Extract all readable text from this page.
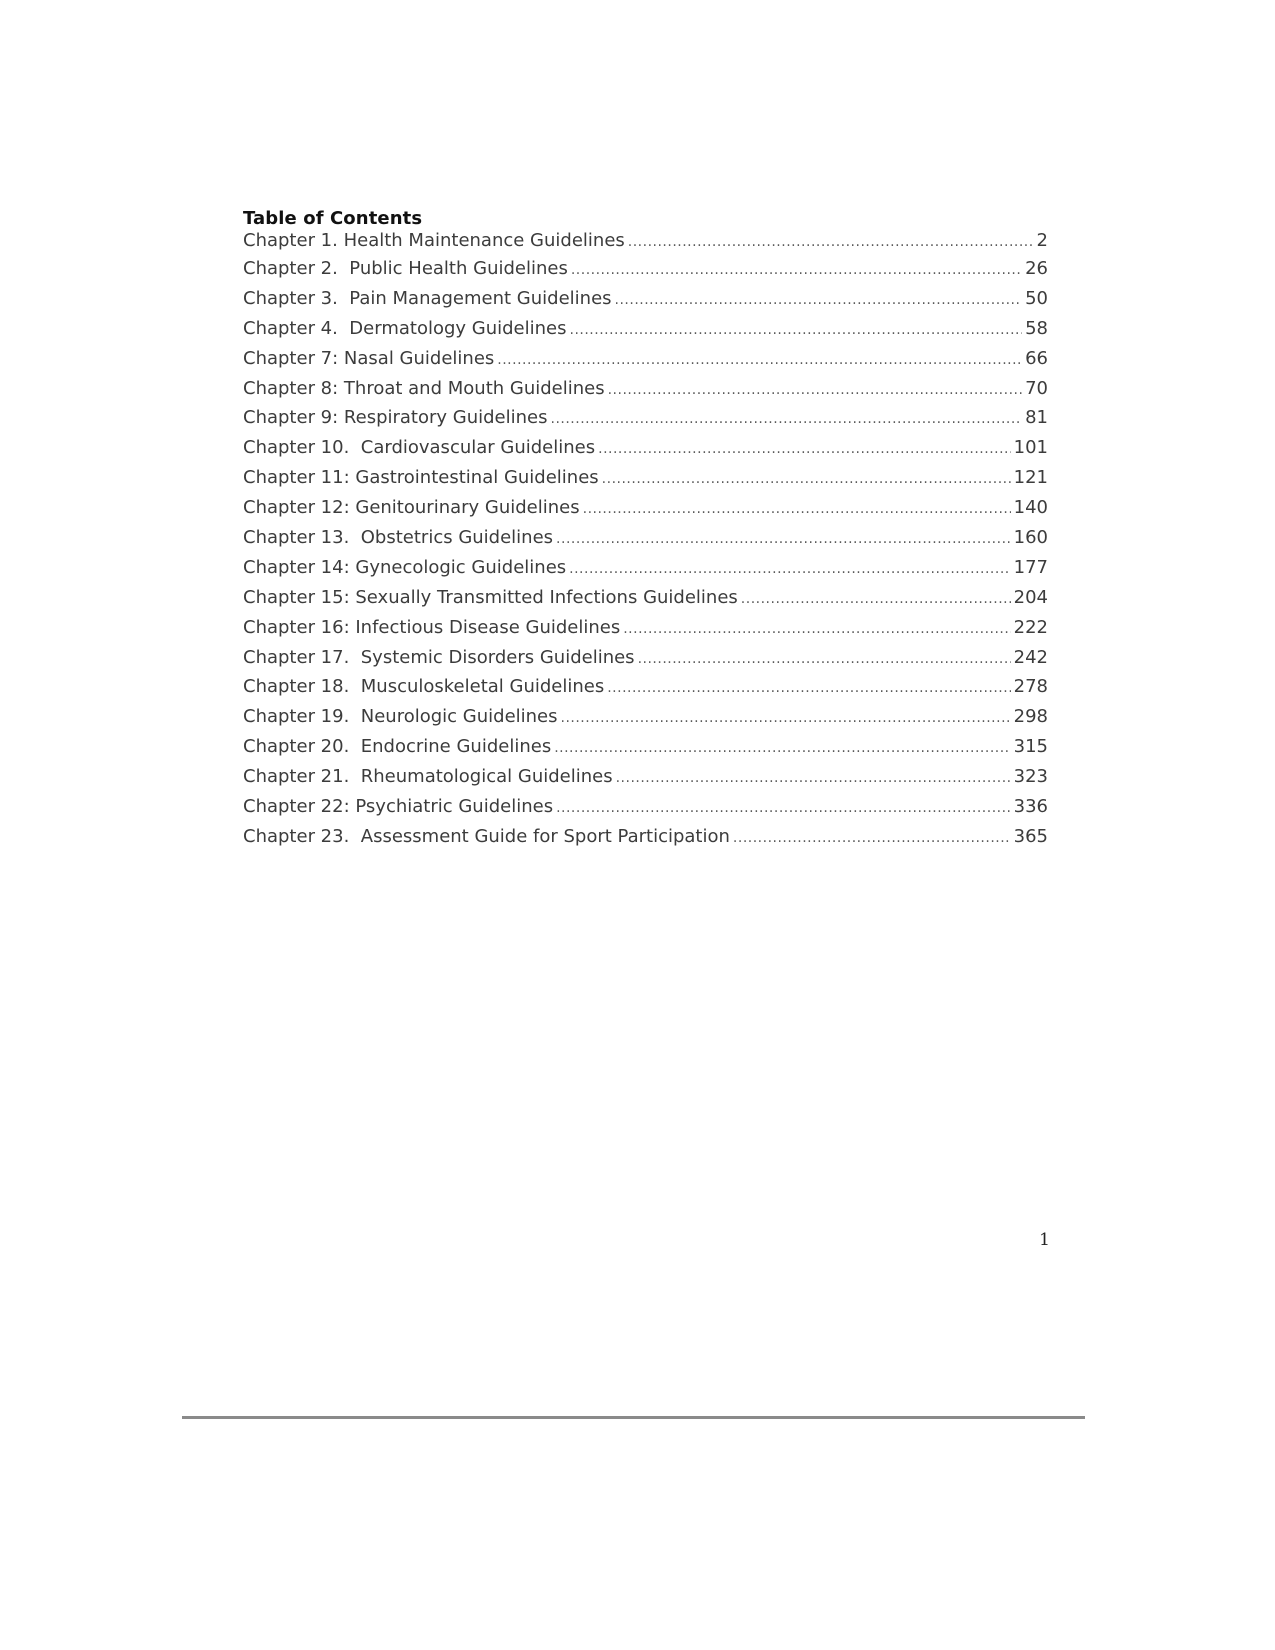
Table of Contents
Chapter 1. Health Maintenance Guidelines .....	2
Chapter 2.  Public Health Guidelines .....	26
Chapter 3.  Pain Management Guidelines .....	50
Chapter 4.  Dermatology Guidelines .....	58
Chapter 7: Nasal Guidelines .....	66
Chapter 8: Throat and Mouth Guidelines .....	70
Chapter 9: Respiratory Guidelines .....	81
Chapter 10.  Cardiovascular Guidelines .....	101
Chapter 11: Gastrointestinal Guidelines .....	121
Chapter 12: Genitourinary Guidelines .....	140
Chapter 13.  Obstetrics Guidelines .....	160
Chapter 14: Gynecologic Guidelines .....	177
Chapter 15: Sexually Transmitted Infections Guidelines .....	204
Chapter 16: Infectious Disease Guidelines .....	222
Chapter 17.  Systemic Disorders Guidelines .....	242
Chapter 18.  Musculoskeletal Guidelines .....	278
Chapter 19.  Neurologic Guidelines .....	298
Chapter 20.  Endocrine Guidelines .....	315
Chapter 21.  Rheumatological Guidelines .....	323
Chapter 22: Psychiatric Guidelines .....	336
Chapter 23.  Assessment Guide for Sport Participation .....	365
1
